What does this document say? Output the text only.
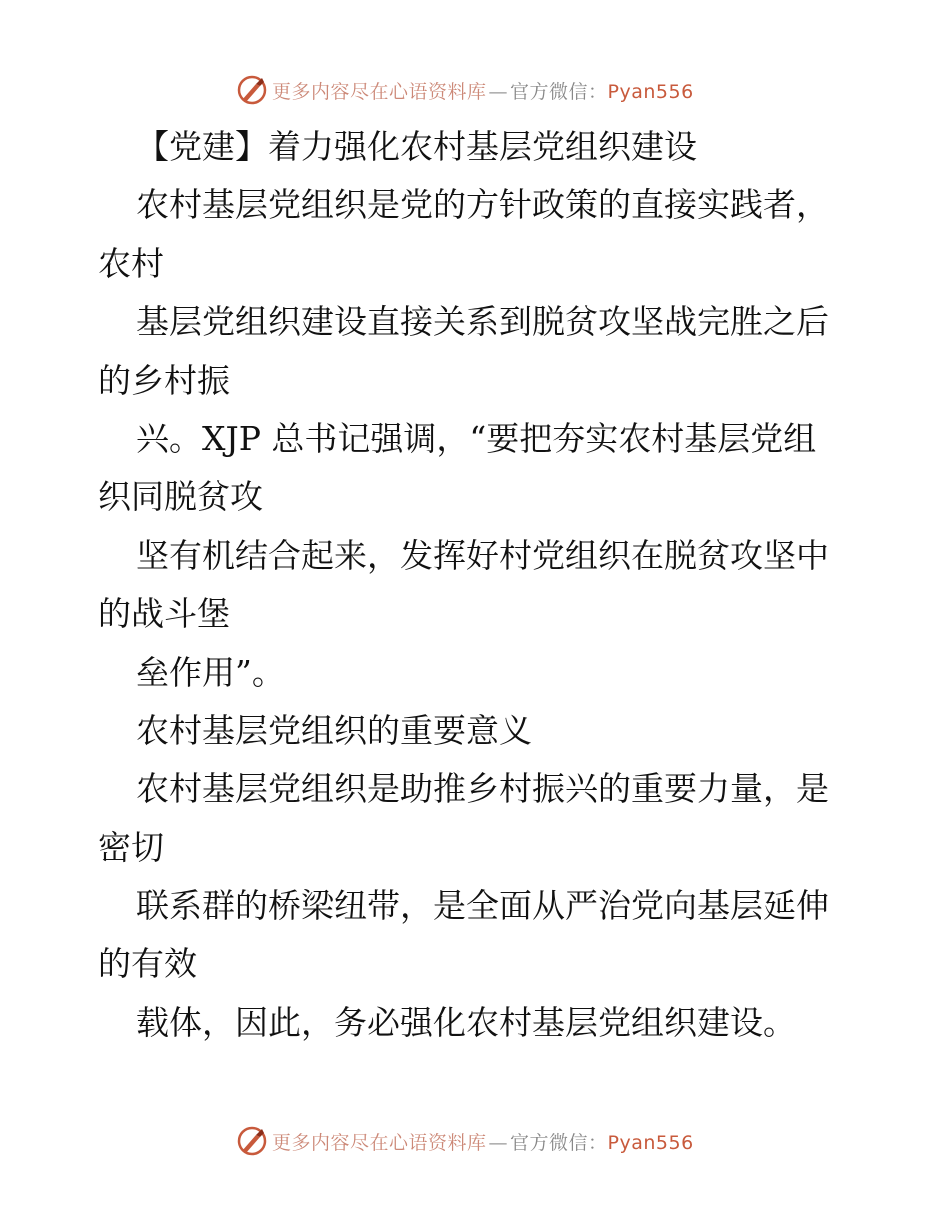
更多内容尽在心语资料库 — 官方微信：Pyan556
【党建】着力强化农村基层党组织建设
农村基层党组织是党的方针政策的直接实践者，
农村
基层党组织建设直接关系到脱贫攻坚战完胜之后
的乡村振
兴。XJP 总书记强调，“要把夯实农村基层党组
织同脱贫攻
坚有机结合起来，发挥好村党组织在脱贫攻坚中
的战斗堡
垒作用”。
农村基层党组织的重要意义
农村基层党组织是助推乡村振兴的重要力量，是
密切
联系群的桥梁纽带，是全面从严治党向基层延伸
的有效
载体，因此，务必强化农村基层党组织建设。
更多内容尽在心语资料库 — 官方微信：Pyan556
